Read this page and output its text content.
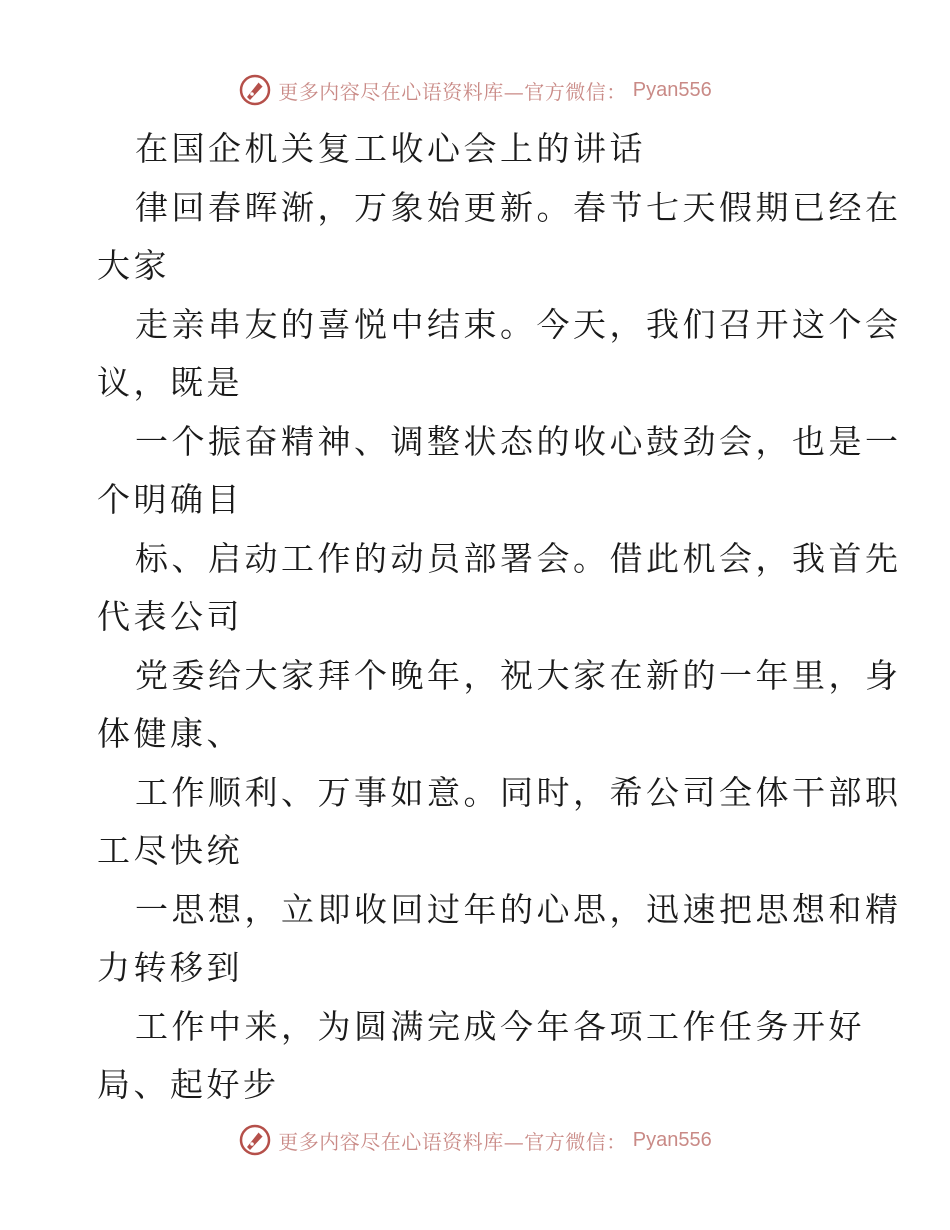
更多内容尽在心语资料库—官方微信： Pyan556
在国企机关复工收心会上的讲话
律回春晖渐，万象始更新。春节七天假期已经在
大家
走亲串友的喜悦中结束。今天，我们召开这个会
议，既是
一个振奋精神、调整状态的收心鼓劲会，也是一
个明确目
标、启动工作的动员部署会。借此机会，我首先
代表公司
党委给大家拜个晚年，祝大家在新的一年里，身
体健康、
工作顺利、万事如意。同时，希公司全体干部职
工尽快统
一思想，立即收回过年的心思，迅速把思想和精
力转移到
工作中来，为圆满完成今年各项工作任务开好
局、起好步
更多内容尽在心语资料库—官方微信： Pyan556
